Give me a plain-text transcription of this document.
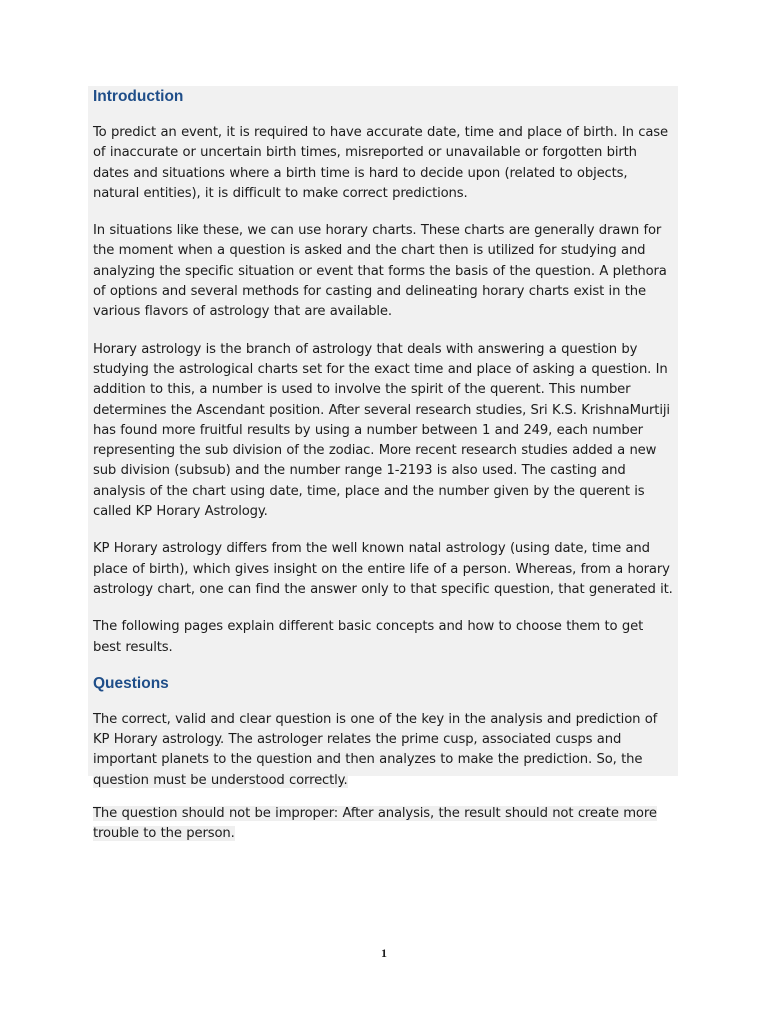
Introduction

To predict an event, it is required to have accurate date, time and place of birth. In case of inaccurate or uncertain birth times, misreported or unavailable or forgotten birth dates and situations where a birth time is hard to decide upon (related to objects, natural entities), it is difficult to make correct predictions.

In situations like these, we can use horary charts. These charts are generally drawn for the moment when a question is asked and the chart then is utilized for studying and analyzing the specific situation or event that forms the basis of the question. A plethora of options and several methods for casting and delineating horary charts exist in the various flavors of astrology that are available.

Horary astrology is the branch of astrology that deals with answering a question by studying the astrological charts set for the exact time and place of asking a question. In addition to this, a number is used to involve the spirit of the querent. This number determines the Ascendant position. After several research studies, Sri K.S. KrishnaMurtiji has found more fruitful results by using a number between 1 and 249, each number representing the sub division of the zodiac. More recent research studies added a new sub division (subsub) and the number range 1-2193 is also used. The casting and analysis of the chart using date, time, place and the number given by the querent is called KP Horary Astrology.

KP Horary astrology differs from the well known natal astrology (using date, time and place of birth), which gives insight on the entire life of a person. Whereas, from a horary astrology chart, one can find the answer only to that specific question, that generated it.

The following pages explain different basic concepts and how to choose them to get best results.

Questions

The correct, valid and clear question is one of the key in the analysis and prediction of KP Horary astrology. The astrologer relates the prime cusp, associated cusps and important planets to the question and then analyzes to make the prediction. So, the question must be understood correctly.

The question should not be improper: After analysis, the result should not create more trouble to the person.

1
